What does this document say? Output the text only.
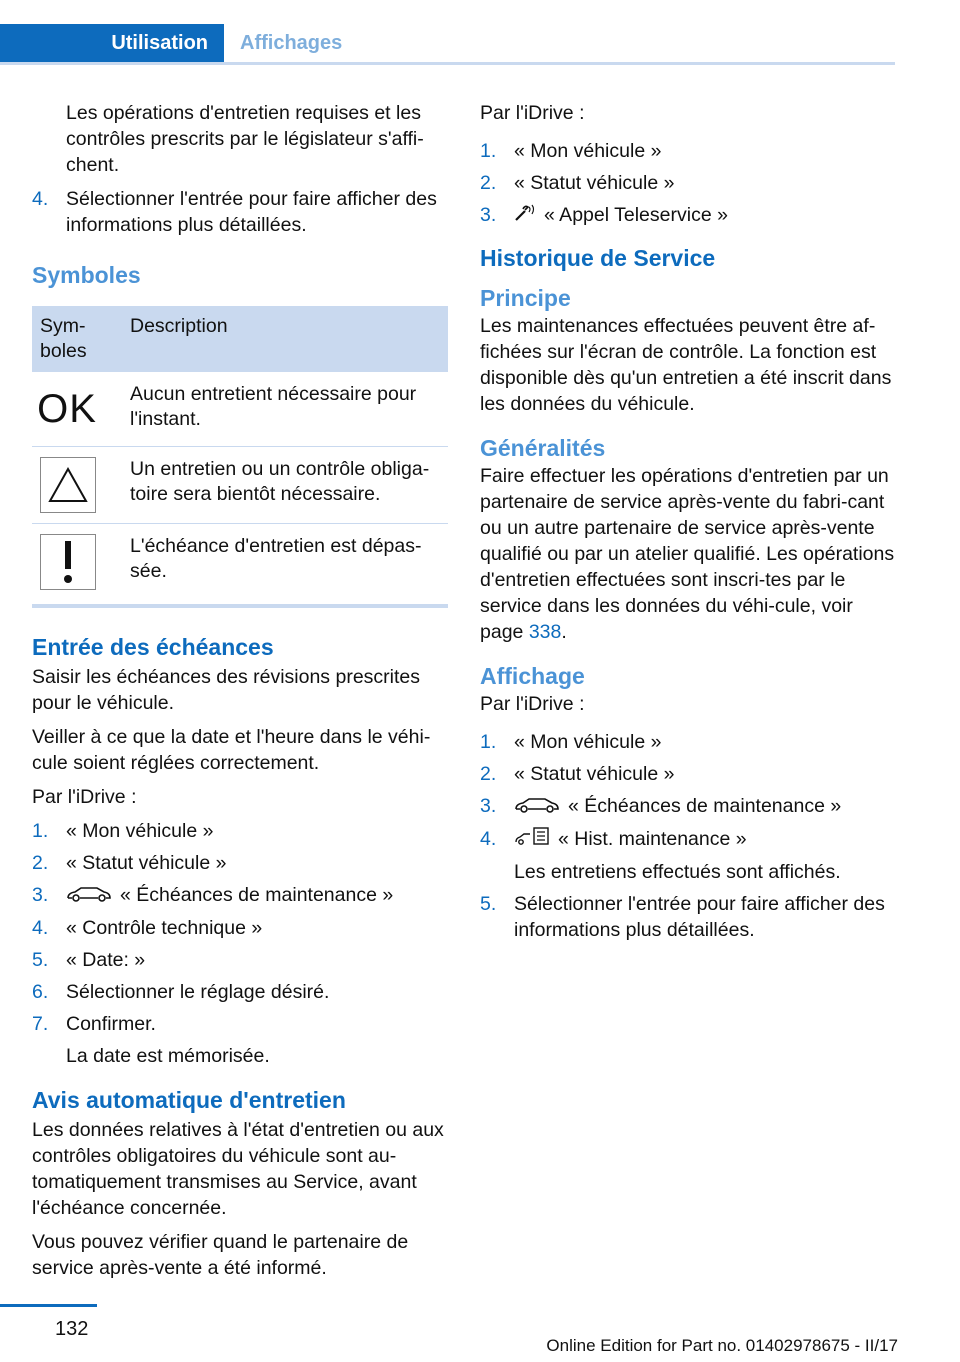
Utilisation Affichages

Les opérations d'entretien requises et les contrôles prescrits par le législateur s'affi-chent.

4. Sélectionner l'entrée pour faire afficher des informations plus détaillées.
Symboles
Sym-boles	Description

OK	Aucun entretient nécessaire pour l'instant.

	Un entretien ou un contrôle obliga-toire sera bientôt nécessaire.

	L'échéance d'entretien est dépas-sée.
Entrée des échéances

Saisir les échéances des révisions prescrites pour le véhicule.

Veiller à ce que la date et l'heure dans le véhi-cule soient réglées correctement.

Par l'iDrive :

1. « Mon véhicule »
2. « Statut véhicule »
3.	« Échéances de maintenance »
4. « Contrôle technique »
5. « Date: »
6. Sélectionner le réglage désiré.
7. Confirmer.
La date est mémorisée.
Avis automatique d'entretien

Les données relatives à l'état d'entretien ou aux contrôles obligatoires du véhicule sont au-tomatiquement transmises au Service, avant l'échéance concernée.

Vous pouvez vérifier quand le partenaire de service après-vente a été informé.

Par l'iDrive :

1. « Mon véhicule »
2. « Statut véhicule »
3. « Appel Teleservice »
Historique de Service
Principe

Les maintenances effectuées peuvent être af-fichées sur l'écran de contrôle. La fonction est disponible dès qu'un entretien a été inscrit dans les données du véhicule.

Généralités

Faire effectuer les opérations d'entretien par un partenaire de service après-vente du fabri-cant ou un autre partenaire de service après-vente qualifié ou par un atelier qualifié. Les opérations d'entretien effectuées sont inscri-tes par le service dans les données du véhi-cule, voir page 338.

Affichage

Par l'iDrive :

1. « Mon véhicule »
2. « Statut véhicule »
3.	« Échéances de maintenance »
4.	« Hist. maintenance »
Les entretiens effectués sont affichés.
5. Sélectionner l'entrée pour faire afficher des informations plus détaillées.
132
Online Edition for Part no. 01402978675 - II/17
